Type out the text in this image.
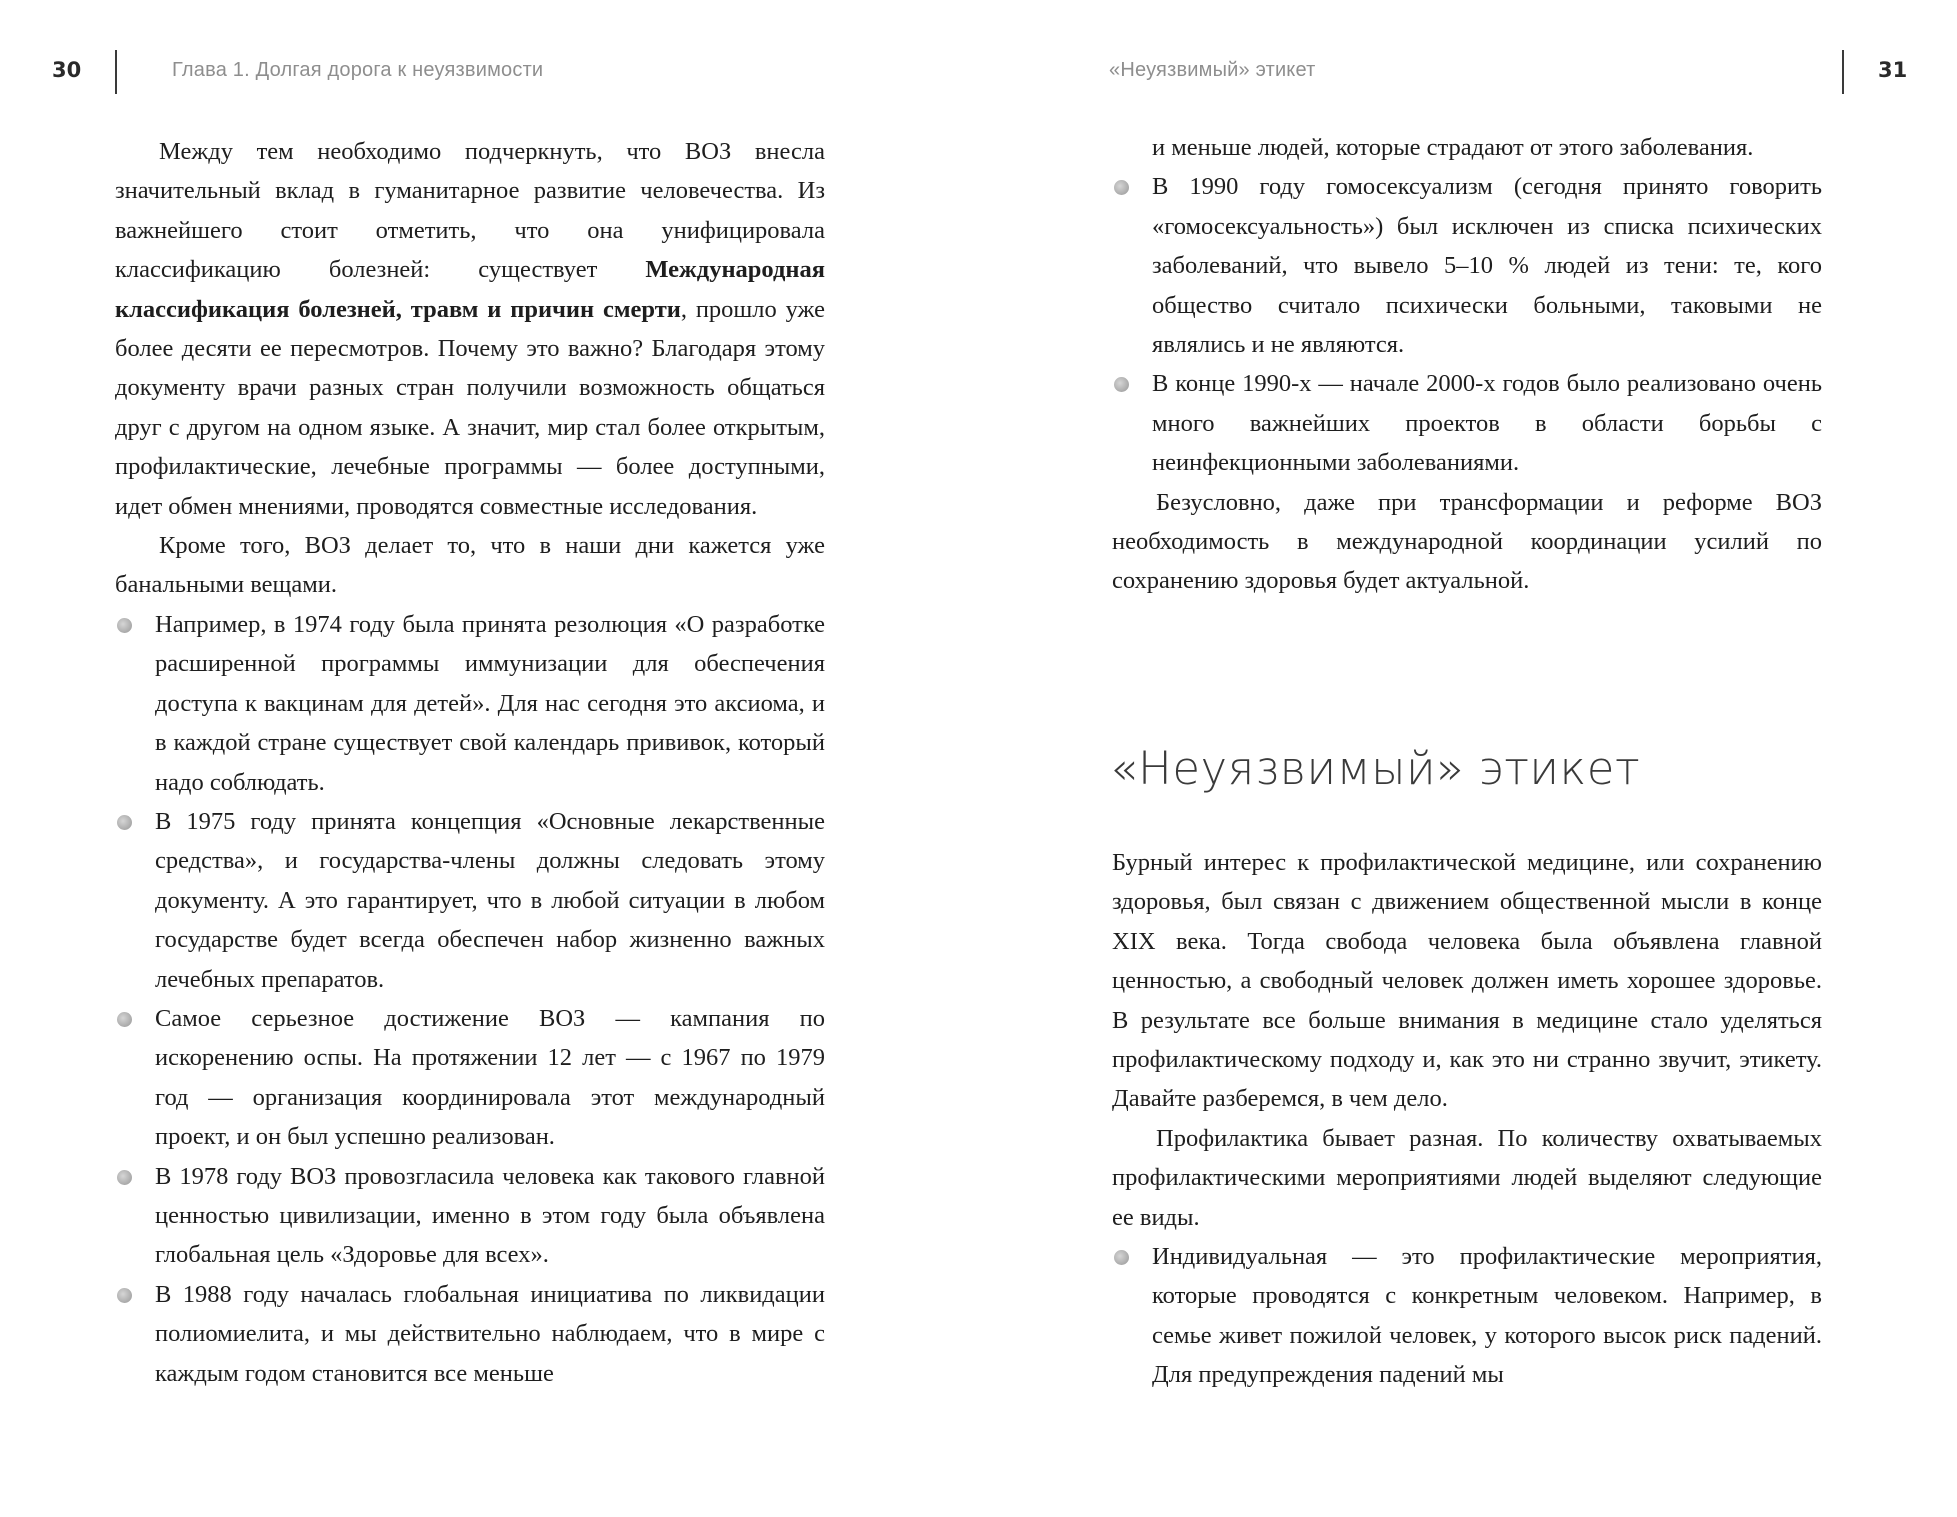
30	Глава 1. Долгая дорога к неуязвимости	«Неуязвимый» этикет	31

Между тем необходимо подчеркнуть, что ВОЗ внесла значительный вклад в гуманитарное развитие человечества. Из важнейшего стоит отметить, что она унифицировала классификацию болезней: существует Международная классификация болезней, травм и причин смерти, прошло уже более десяти ее пересмотров. Почему это важно? Благодаря этому документу врачи разных стран получили возможность общаться друг с другом на одном языке. А значит, мир стал более открытым, профилактические, лечебные программы — более доступными, идет обмен мнениями, проводятся совместные исследования.

Кроме того, ВОЗ делает то, что в наши дни кажется уже банальными вещами.

Например, в 1974 году была принята резолюция «О разработке расширенной программы иммунизации для обеспечения доступа к вакцинам для детей». Для нас сегодня это аксиома, и в каждой стране существует свой календарь прививок, который надо соблюдать.
В 1975 году принята концепция «Основные лекарственные средства», и государства-члены должны следовать этому документу. А это гарантирует, что в любой ситуации в любом государстве будет всегда обеспечен набор жизненно важных лечебных препаратов.
Самое серьезное достижение ВОЗ — кампания по искоренению оспы. На протяжении 12 лет — с 1967 по 1979 год — организация координировала этот международный проект, и он был успешно реализован.
В 1978 году ВОЗ провозгласила человека как такового главной ценностью цивилизации, именно в этом году была объявлена глобальная цель «Здоровье для всех».
В 1988 году началась глобальная инициатива по ликвидации полиомиелита, и мы действительно наблюдаем, что в мире с каждым годом становится все меньше

и меньше людей, которые страдают от этого заболевания.

В 1990 году гомосексуализм (сегодня принято говорить «гомосексуальность») был исключен из списка психических заболеваний, что вывело 5–10 % людей из тени: те, кого общество считало психически больными, таковыми не являлись и не являются.
В конце 1990-х — начале 2000-х годов было реализовано очень много важнейших проектов в области борьбы с неинфекционными заболеваниями.

Безусловно, даже при трансформации и реформе ВОЗ необходимость в международной координации усилий по сохранению здоровья будет актуальной.

«Неуязвимый» этикет

Бурный интерес к профилактической медицине, или сохранению здоровья, был связан с движением общественной мысли в конце XIX века. Тогда свобода человека была объявлена главной ценностью, а свободный человек должен иметь хорошее здоровье. В результате все больше внимания в медицине стало уделяться профилактическому подходу и, как это ни странно звучит, этикету. Давайте разберемся, в чем дело.

Профилактика бывает разная. По количеству охватываемых профилактическими мероприятиями людей выделяют следующие ее виды.

Индивидуальная — это профилактические мероприятия, которые проводятся с конкретным человеком. Например, в семье живет пожилой человек, у которого высок риск падений. Для предупреждения падений мы
